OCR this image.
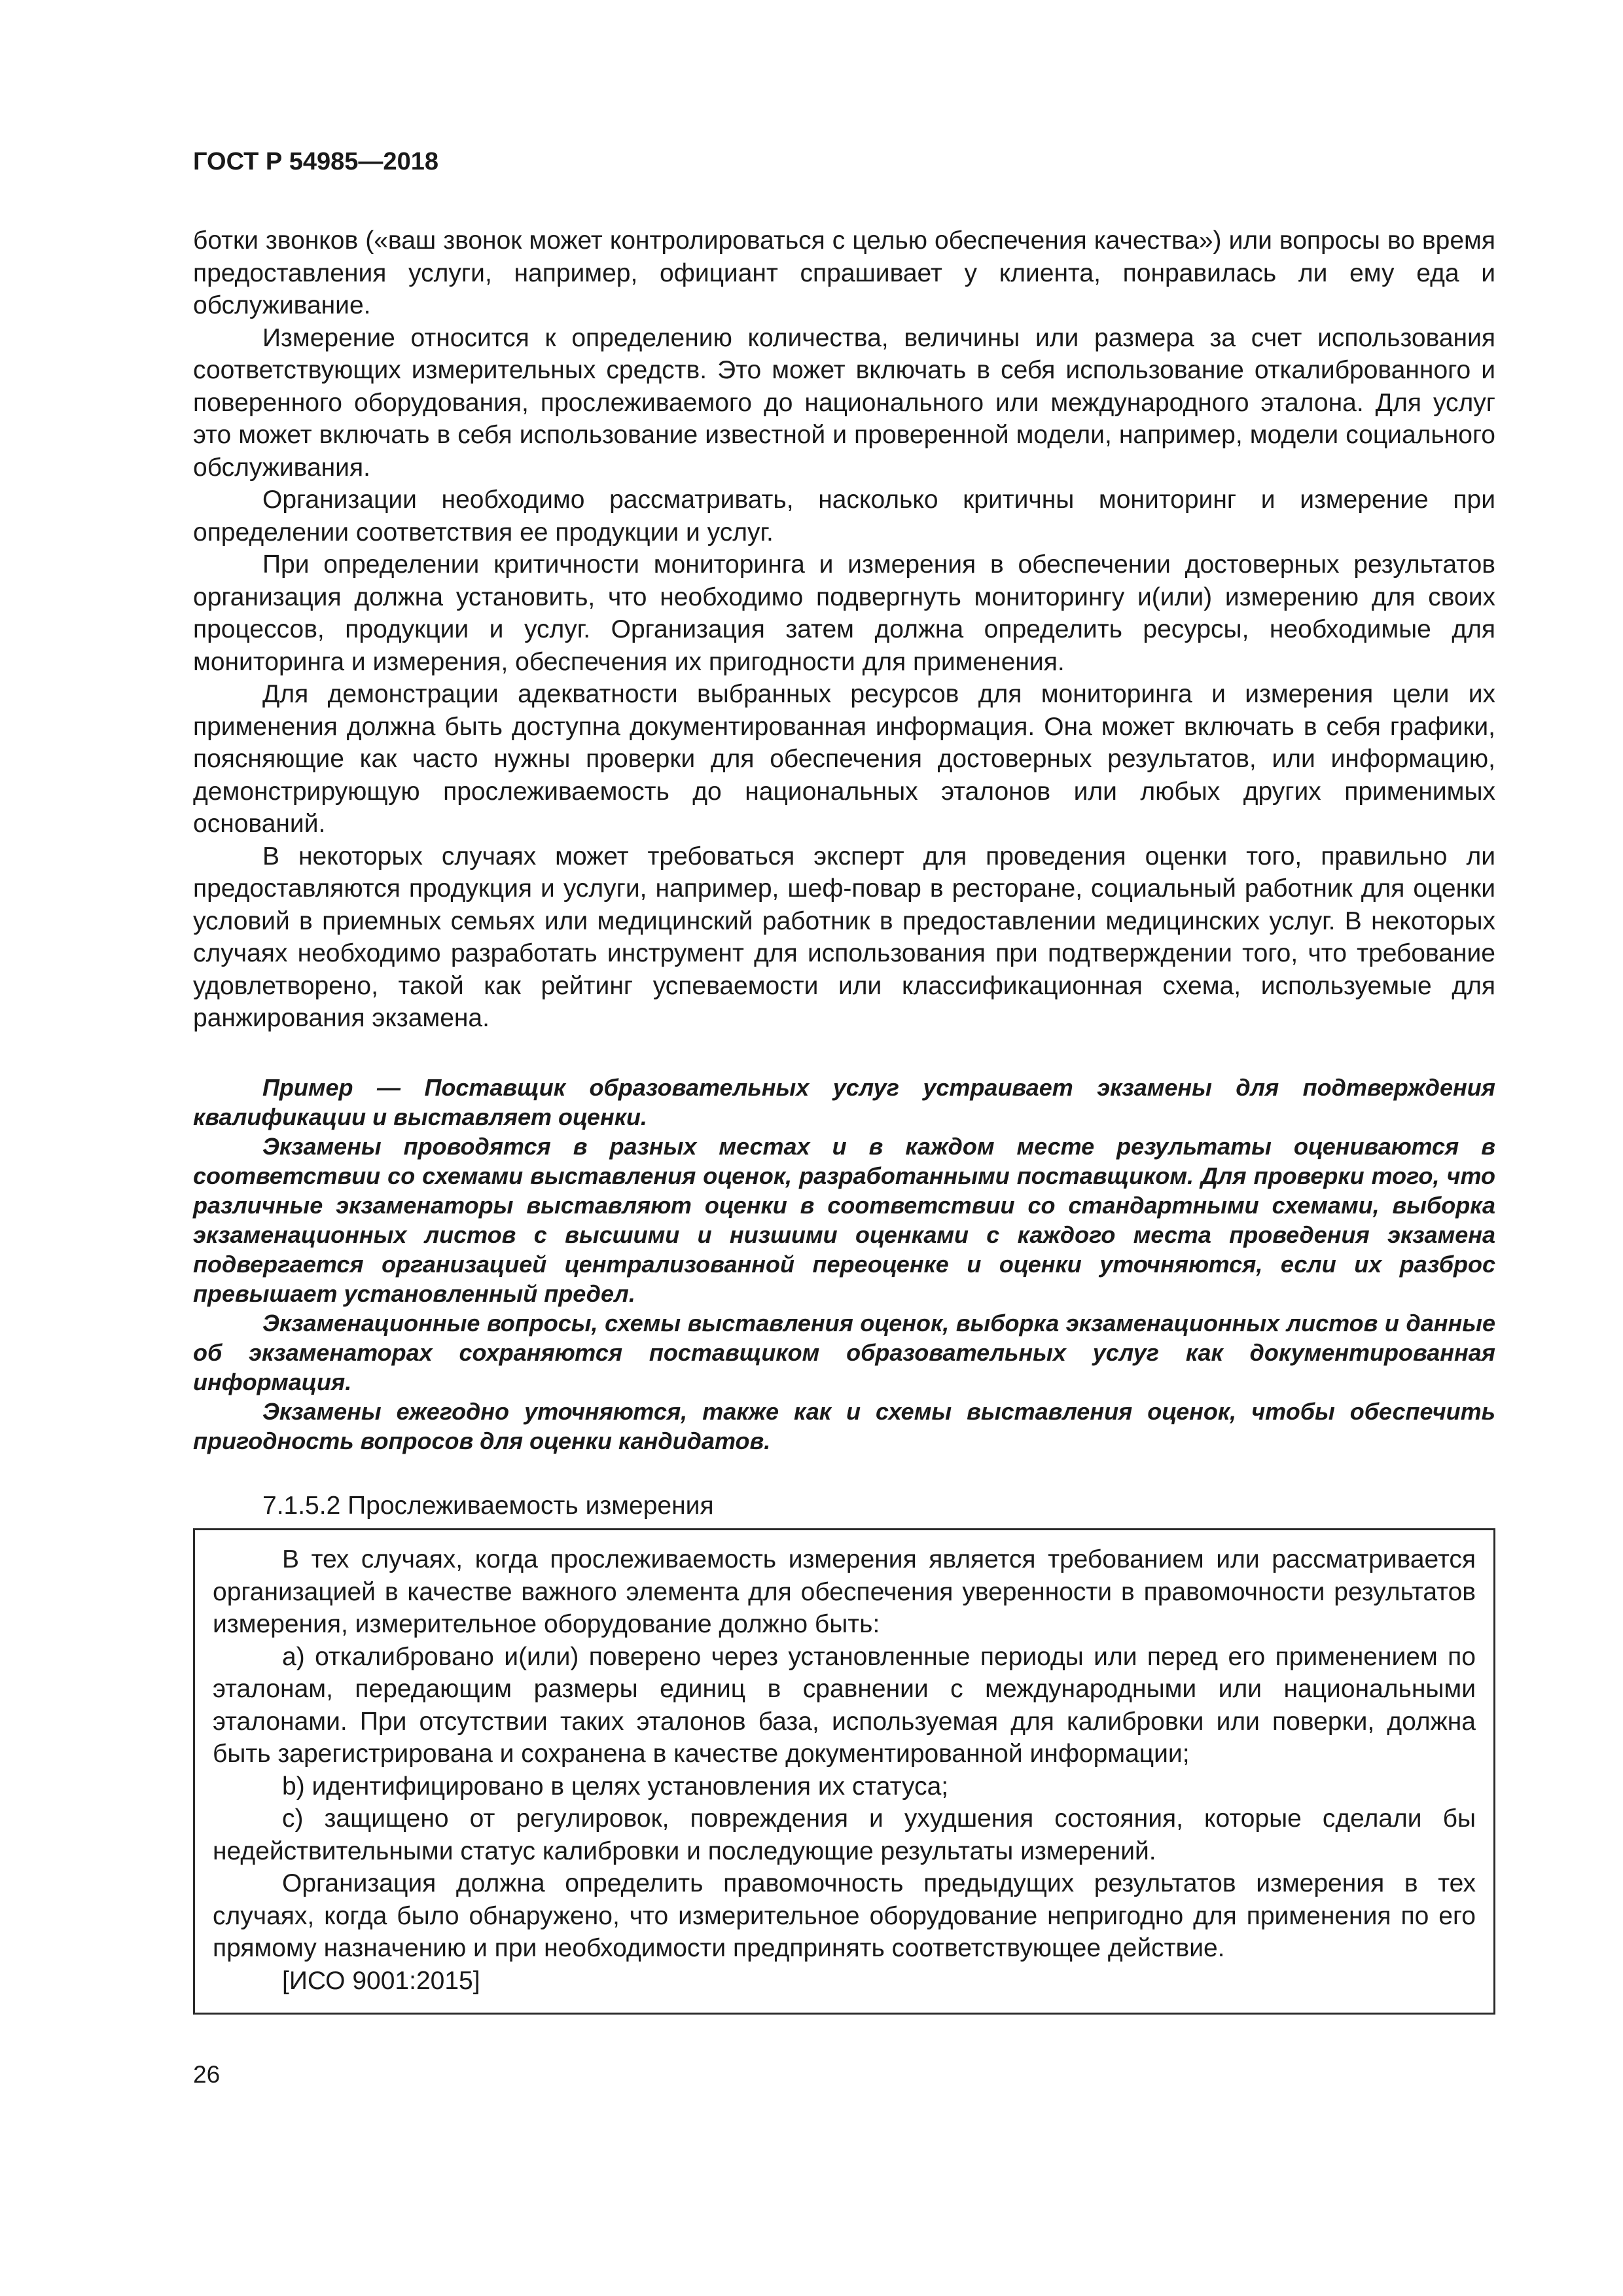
ГОСТ Р 54985—2018

ботки звонков («ваш звонок может контролироваться с целью обеспечения качества») или вопросы во время предоставления услуги, например, официант спрашивает у клиента, понравилась ли ему еда и обслуживание.

Измерение относится к определению количества, величины или размера за счет использования соответствующих измерительных средств. Это может включать в себя использование откалиброванного и поверенного оборудования, прослеживаемого до национального или международного эталона. Для услуг это может включать в себя использование известной и проверенной модели, например, модели социального обслуживания.

Организации необходимо рассматривать, насколько критичны мониторинг и измерение при определении соответствия ее продукции и услуг.

При определении критичности мониторинга и измерения в обеспечении достоверных результатов организация должна установить, что необходимо подвергнуть мониторингу и(или) измерению для своих процессов, продукции и услуг. Организация затем должна определить ресурсы, необходимые для мониторинга и измерения, обеспечения их пригодности для применения.

Для демонстрации адекватности выбранных ресурсов для мониторинга и измерения цели их применения должна быть доступна документированная информация. Она может включать в себя графики, поясняющие как часто нужны проверки для обеспечения достоверных результатов, или информацию, демонстрирующую прослеживаемость до национальных эталонов или любых других применимых оснований.

В некоторых случаях может требоваться эксперт для проведения оценки того, правильно ли предоставляются продукция и услуги, например, шеф-повар в ресторане, социальный работник для оценки условий в приемных семьях или медицинский работник в предоставлении медицинских услуг. В некоторых случаях необходимо разработать инструмент для использования при подтверждении того, что требование удовлетворено, такой как рейтинг успеваемости или классификационная схема, используемые для ранжирования экзамена.

Пример — Поставщик образовательных услуг устраивает экзамены для подтверждения квалификации и выставляет оценки.

Экзамены проводятся в разных местах и в каждом месте результаты оцениваются в соответствии со схемами выставления оценок, разработанными поставщиком. Для проверки того, что различные экзаменаторы выставляют оценки в соответствии со стандартными схемами, выборка экзаменационных листов с высшими и низшими оценками с каждого места проведения экзамена подвергается организацией централизованной переоценке и оценки уточняются, если их разброс превышает установленный предел.

Экзаменационные вопросы, схемы выставления оценок, выборка экзаменационных листов и данные об экзаменаторах сохраняются поставщиком образовательных услуг как документированная информация.

Экзамены ежегодно уточняются, также как и схемы выставления оценок, чтобы обеспечить пригодность вопросов для оценки кандидатов.

7.1.5.2 Прослеживаемость измерения

В тех случаях, когда прослеживаемость измерения является требованием или рассматривается организацией в качестве важного элемента для обеспечения уверенности в правомочности результатов измерения, измерительное оборудование должно быть:

a) откалибровано и(или) поверено через установленные периоды или перед его применением по эталонам, передающим размеры единиц в сравнении с международными или национальными эталонами. При отсутствии таких эталонов база, используемая для калибровки или поверки, должна быть зарегистрирована и сохранена в качестве документированной информации;

b) идентифицировано в целях установления их статуса;

c) защищено от регулировок, повреждения и ухудшения состояния, которые сделали бы недействительными статус калибровки и последующие результаты измерений.

Организация должна определить правомочность предыдущих результатов измерения в тех случаях, когда было обнаружено, что измерительное оборудование непригодно для применения по его прямому назначению и при необходимости предпринять соответствующее действие.

[ИСО 9001:2015]

26
